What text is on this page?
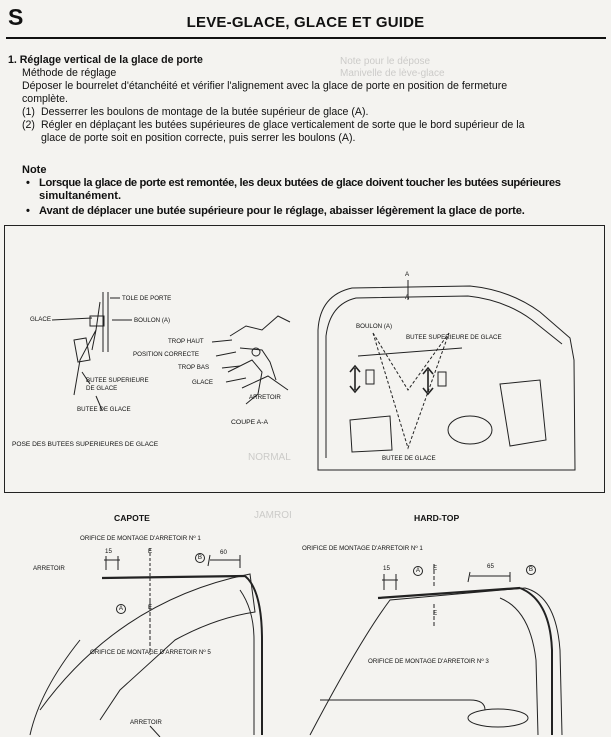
Note pour le dépose
Manivelle de lève-glace
NORMAL
JAMROI
S	LEVE-GLACE, GLACE ET GUIDE
1. Réglage vertical de la glace de porte
Méthode de réglage
Déposer le bourrelet d'étanchéité et vérifier l'alignement avec la glace de porte en position de fermeture
complète.
(1) Desserrer les boulons de montage de la butée supérieur de glace (A).
(2) Régler en déplaçant les butées supérieures de glace verticalement de sorte que le bord supérieur de la
glace de porte soit en position correcte, puis serrer les boulons (A).
Note
• Lorsque la glace de porte est remontée, les deux butées de glace doivent toucher les butées supérieures
simultanément.
• Avant de déplacer une butée supérieure pour le réglage, abaisser légèrement la glace de porte.
TOLE DE PORTE
GLACE	BOULON (A)
BUTEE SUPERIEURE
DE GLACE
BUTEE DE GLACE
TROP HAUT
POSITION CORRECTE
TROP BAS
GLACE
ARRETOIR
COUPE A-A
POSE DES BUTEES SUPERIEURES DE GLACE
A
A
BOULON (A)
BUTEE SUPERIEURE DE GLACE
BUTEE DE GLACE
CAPOTE	HARD-TOP
ORIFICE DE MONTAGE D'ARRETOIR Nº 1
ARRETOIR
15	E
B
60
A	E
ORIFICE DE MONTAGE D'ARRETOIR Nº 5
ORIFICE DE MONTAGE D'ARRETOIR Nº 1
15	A	E	65	B
E
ORIFICE DE MONTAGE D'ARRETOIR Nº 3
ARRETOIR
